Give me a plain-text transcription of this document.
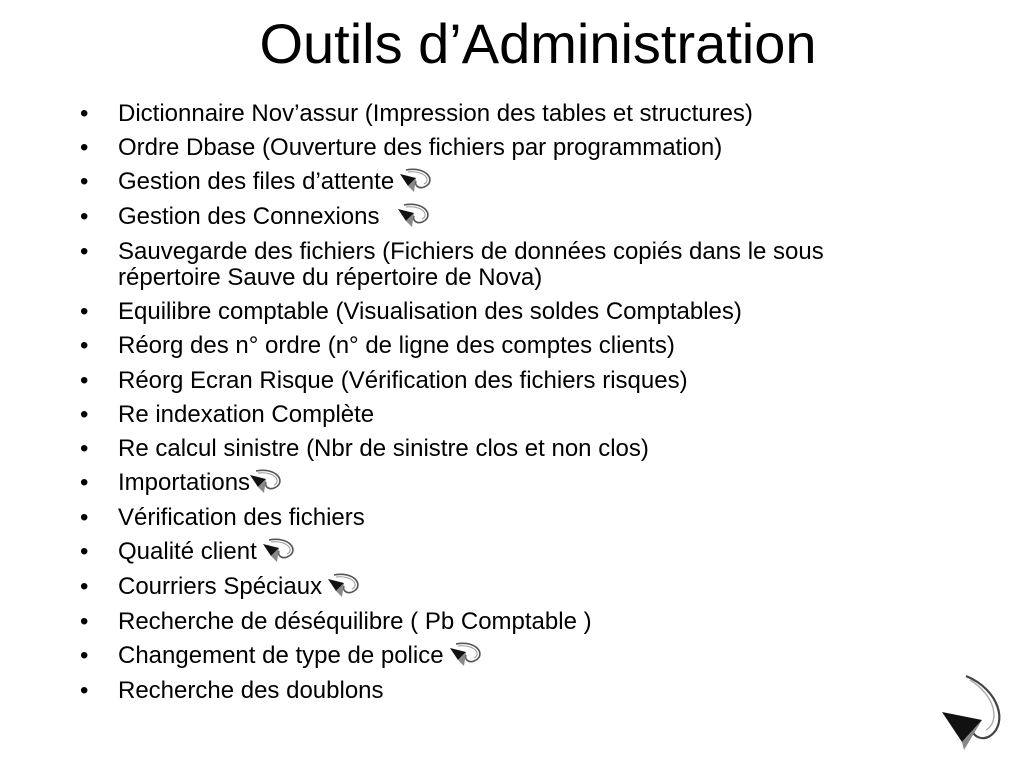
Outils d’Administration
• Dictionnaire Nov’assur (Impression des tables et structures)
• Ordre Dbase (Ouverture des fichiers par programmation)
• Gestion des files d’attente
• Gestion des Connexions
• Sauvegarde des fichiers (Fichiers de données copiés dans le sous répertoire Sauve du répertoire de Nova)
• Equilibre comptable (Visualisation des soldes Comptables)
• Réorg des n° ordre (n° de ligne des comptes clients)
• Réorg Ecran Risque (Vérification des fichiers risques)
• Re indexation Complète
• Re calcul sinistre (Nbr de sinistre clos et non clos)
• Importations
• Vérification des fichiers
• Qualité client
• Courriers Spéciaux
• Recherche de déséquilibre ( Pb Comptable )
• Changement de type de police
• Recherche des doublons
